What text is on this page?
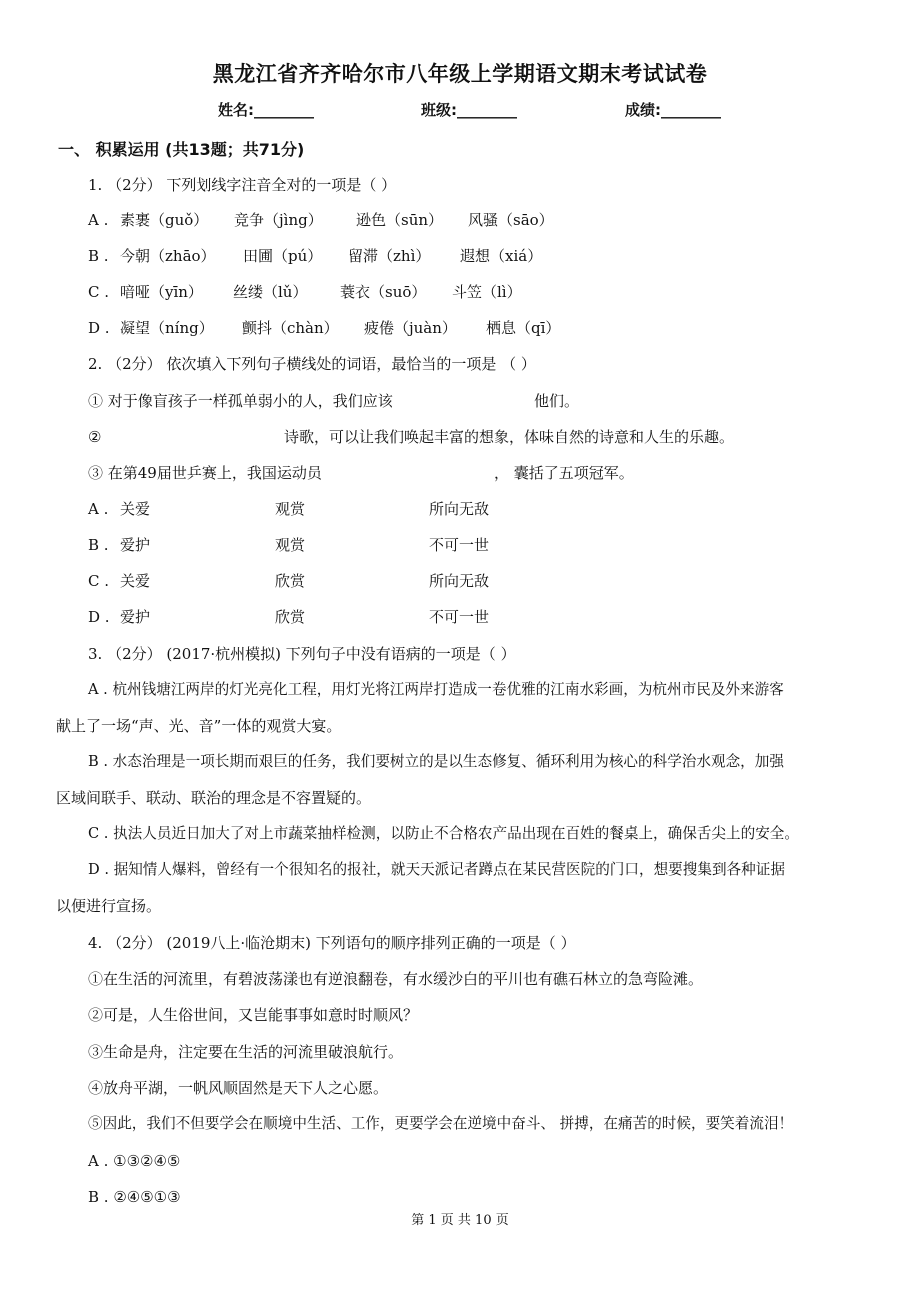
黑龙江省齐齐哈尔市八年级上学期语文期末考试试卷
姓名:________	班级:________	成绩:________
一、 积累运用 (共13题；共71分)
1. （2分） 下列划线字注音全对的一项是（ ）
A . 素裹（guǒ） 竞争（jìng） 逊色（sūn） 风骚（sāo）
B . 今朝（zhāo） 田圃（pú） 留滞（zhì） 遐想（xiá）
C . 喑哑（yīn） 丝缕（lǔ） 蓑衣（suō） 斗笠（lì）
D . 凝望（níng） 颤抖（chàn） 疲倦（juàn） 栖息（qī）
2. （2分） 依次填入下列句子横线处的词语，最恰当的一项是 （ ）
① 对于像盲孩子一样孤单弱小的人，我们应该	他们。
②	诗歌，可以让我们唤起丰富的想象，体味自然的诗意和人生的乐趣。
③ 在第49届世乒赛上，我国运动员	， 囊括了五项冠军。
A . 关爱	观赏	所向无敌
B . 爱护	观赏	不可一世
C . 关爱	欣赏	所向无敌
D . 爱护	欣赏	不可一世
3. （2分） (2017·杭州模拟) 下列句子中没有语病的一项是（ ）
A . 杭州钱塘江两岸的灯光亮化工程，用灯光将江两岸打造成一卷优雅的江南水彩画，为杭州市民及外来游客
献上了一场“声、光、音”一体的观赏大宴。
B . 水态治理是一项长期而艰巨的任务，我们要树立的是以生态修复、循环利用为核心的科学治水观念，加强
区域间联手、联动、联治的理念是不容置疑的。
C . 执法人员近日加大了对上市蔬菜抽样检测，以防止不合格农产品出现在百姓的餐桌上，确保舌尖上的安全。
D . 据知情人爆料，曾经有一个很知名的报社，就天天派记者蹲点在某民营医院的门口，想要搜集到各种证据
以便进行宣扬。
4. （2分） (2019八上·临沧期末) 下列语句的顺序排列正确的一项是（ ）
①在生活的河流里，有碧波荡漾也有逆浪翻卷，有水缓沙白的平川也有礁石林立的急弯险滩。
②可是，人生俗世间，又岂能事事如意时时顺风？
③生命是舟，注定要在生活的河流里破浪航行。
④放舟平湖，一帆风顺固然是天下人之心愿。
⑤因此，我们不但要学会在顺境中生活、工作，更要学会在逆境中奋斗、 拼搏，在痛苦的时候，要笑着流泪！
A . ①③②④⑤
B . ②④⑤①③
第 1 页 共 10 页
